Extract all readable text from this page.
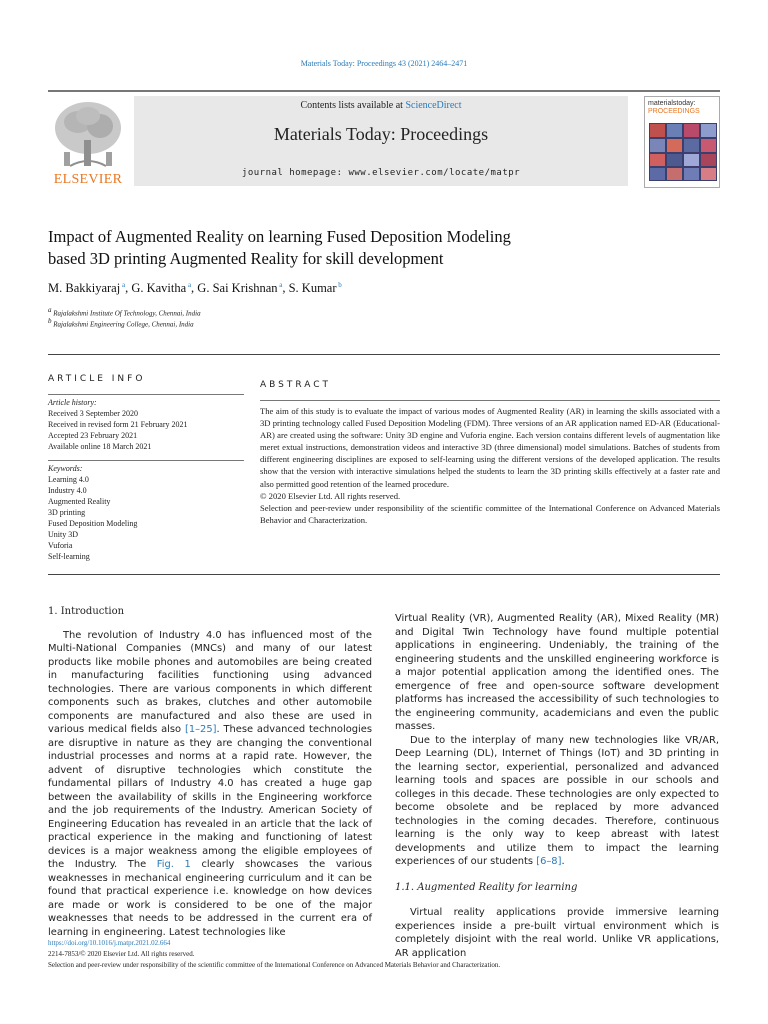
Materials Today: Proceedings 43 (2021) 2464–2471
ELSEVIER
Contents lists available at ScienceDirect
Materials Today: Proceedings
journal homepage: www.elsevier.com/locate/matpr
materialstoday:
PROCEEDINGS
Impact of Augmented Reality on learning Fused Deposition Modeling
based 3D printing Augmented Reality for skill development
M. Bakkiyaraj $^a$, G. Kavitha $^a$, G. Sai Krishnan $^a$, S. Kumar $^b$
$^a$ Rajalakshmi Institute Of Technology, Chennai, India
$^b$ Rajalakshmi Engineering College, Chennai, India
ARTICLE INFO
Article history:
Received 3 September 2020
Received in revised form 21 February 2021
Accepted 23 February 2021
Available online 18 March 2021
Keywords:
Learning 4.0
Industry 4.0
Augmented Reality
3D printing
Fused Deposition Modeling
Unity 3D
Vuforia
Self-learning
ABSTRACT

The aim of this study is to evaluate the impact of various modes of Augmented Reality (AR) in learning the skills associated with a 3D printing technology called Fused Deposition Modeling (FDM). Three versions of an AR application named ED-AR (Educational-AR) are created using the software: Unity 3D engine and Vuforia engine. Each version contains different levels of augmentation like meret extual instructions, demonstration videos and interactive 3D (three dimensional) model simulations. Batches of students from different engineering disciplines are exposed to self-learning using the different versions of the developed application. The results show that the version with interactive simulations helped the students to learn the 3D printing skills effectively at a faster rate and also permitted good retention of the learned procedure.

© 2020 Elsevier Ltd. All rights reserved.

Selection and peer-review under responsibility of the scientific committee of the International Conference on Advanced Materials Behavior and Characterization.

1. Introduction

The revolution of Industry 4.0 has influenced most of the Multi-National Companies (MNCs) and many of our latest products like mobile phones and automobiles are being created in manufacturing facilities functioning using advanced technologies. There are various components in which different components such as brakes, clutches and other automobile components are manufactured and also these are used in various medical fields also [1–25]. These advanced technologies are disruptive in nature as they are changing the conventional industrial processes and norms at a rapid rate. However, the advent of disruptive technologies which constitute the fundamental pillars of Industry 4.0 has created a huge gap between the availability of skills in the Engineering workforce and the job requirements of the Industry. American Society of Engineering Education has revealed in an article that the lack of practical experience in the making and functioning of latest devices is a major weakness among the eligible employees of the Industry. The Fig. 1 clearly showcases the various weaknesses in mechanical engineering curriculum and it can be found that practical experience i.e. knowledge on how devices are made or work is considered to be one of the major weaknesses that needs to be addressed in the current era of learning in engineering. Latest technologies like

Virtual Reality (VR), Augmented Reality (AR), Mixed Reality (MR) and Digital Twin Technology have found multiple potential applications in engineering. Undeniably, the training of the engineering students and the unskilled engineering workforce is a major potential application among the identified ones. The emergence of free and open-source software development platforms has increased the accessibility of such technologies to the engineering community, academicians and even the public masses.

Due to the interplay of many new technologies like VR/AR, Deep Learning (DL), Internet of Things (IoT) and 3D printing in the learning sector, experiential, personalized and advanced learning tools and spaces are possible in our schools and colleges in this decade. These technologies are only expected to become obsolete and be replaced by more advanced technologies in the coming decades. Therefore, continuous learning is the only way to keep abreast with latest developments and utilize them to impact the learning experiences of our students [6–8].

1.1. Augmented Reality for learning

Virtual reality applications provide immersive learning experiences inside a pre-built virtual environment which is completely disjoint with the real world. Unlike VR applications, AR application

https://doi.org/10.1016/j.matpr.2021.02.664
2214-7853/© 2020 Elsevier Ltd. All rights reserved.
Selection and peer-review under responsibility of the scientific committee of the International Conference on Advanced Materials Behavior and Characterization.
